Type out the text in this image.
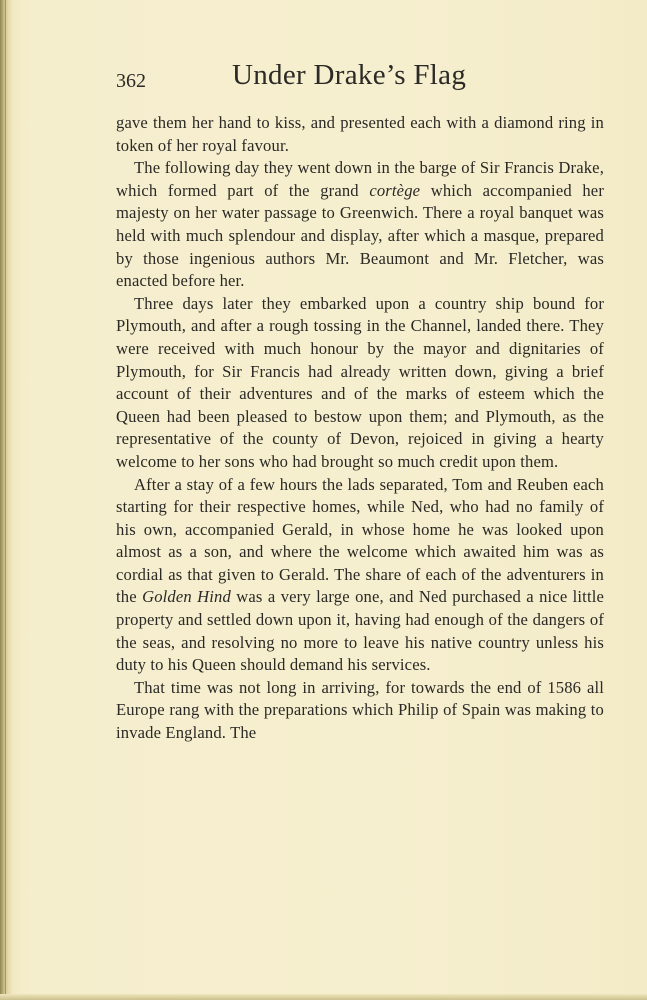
362	Under Drake’s Flag

gave them her hand to kiss, and presented each with a diamond ring in token of her royal favour.

The following day they went down in the barge of Sir Francis Drake, which formed part of the grand cortège which accompanied her majesty on her water passage to Greenwich. There a royal banquet was held with much splendour and display, after which a masque, prepared by those ingenious authors Mr. Beaumont and Mr. Fletcher, was enacted before her.

Three days later they embarked upon a country ship bound for Plymouth, and after a rough tossing in the Channel, landed there. They were received with much honour by the mayor and dignitaries of Plymouth, for Sir Francis had already written down, giving a brief account of their adventures and of the marks of esteem which the Queen had been pleased to bestow upon them; and Plymouth, as the representative of the county of Devon, rejoiced in giving a hearty welcome to her sons who had brought so much credit upon them.

After a stay of a few hours the lads separated, Tom and Reuben each starting for their respective homes, while Ned, who had no family of his own, accompanied Gerald, in whose home he was looked upon almost as a son, and where the welcome which awaited him was as cordial as that given to Gerald. The share of each of the adventurers in the Golden Hind was a very large one, and Ned purchased a nice little property and settled down upon it, having had enough of the dangers of the seas, and resolving no more to leave his native country unless his duty to his Queen should demand his services.

That time was not long in arriving, for towards the end of 1586 all Europe rang with the preparations which Philip of Spain was making to invade England. The
